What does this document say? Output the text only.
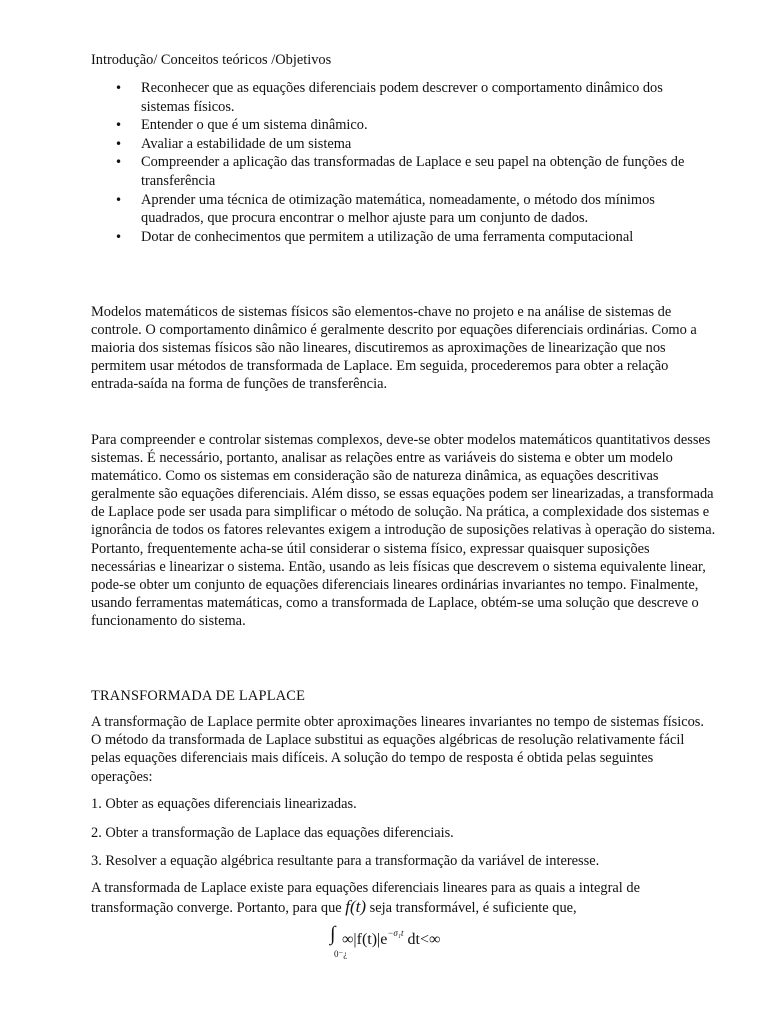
Introdução/ Conceitos teóricos /Objetivos
• Reconhecer que as equações diferenciais podem descrever o comportamento dinâmico dos sistemas físicos.
• Entender o que é um sistema dinâmico.
• Avaliar a estabilidade de um sistema
• Compreender a aplicação das transformadas de Laplace e seu papel na obtenção de funções de transferência
• Aprender uma técnica de otimização matemática, nomeadamente, o método dos mínimos quadrados, que procura encontrar o melhor ajuste para um conjunto de dados.
• Dotar de conhecimentos que permitem a utilização de uma ferramenta computacional

Modelos matemáticos de sistemas físicos são elementos-chave no projeto e na análise de sistemas de controle. O comportamento dinâmico é geralmente descrito por equações diferenciais ordinárias. Como a maioria dos sistemas físicos são não lineares, discutiremos as aproximações de linearização que nos permitem usar métodos de transformada de Laplace. Em seguida, procederemos para obter a relação entrada-saída na forma de funções de transferência.

Para compreender e controlar sistemas complexos, deve-se obter modelos matemáticos quantitativos desses sistemas. É necessário, portanto, analisar as relações entre as variáveis do sistema e obter um modelo matemático. Como os sistemas em consideração são de natureza dinâmica, as equações descritivas geralmente são equações diferenciais. Além disso, se essas equações podem ser linearizadas, a transformada de Laplace pode ser usada para simplificar o método de solução. Na prática, a complexidade dos sistemas e ignorância de todos os fatores relevantes exigem a introdução de suposições relativas à operação do sistema. Portanto, frequentemente acha-se útil considerar o sistema físico, expressar quaisquer suposições necessárias e linearizar o sistema. Então, usando as leis físicas que descrevem o sistema equivalente linear, pode-se obter um conjunto de equações diferenciais lineares ordinárias invariantes no tempo. Finalmente, usando ferramentas matemáticas, como a transformada de Laplace, obtém-se uma solução que descreve o funcionamento do sistema.

TRANSFORMADA DE LAPLACE

A transformação de Laplace permite obter aproximações lineares invariantes no tempo de sistemas físicos. O método da transformada de Laplace substitui as equações algébricas de resolução relativamente fácil pelas equações diferenciais mais difíceis. A solução do tempo de resposta é obtida pelas seguintes operações:

1. Obter as equações diferenciais linearizadas.
2. Obter a transformação de Laplace das equações diferenciais.
3. Resolver a equação algébrica resultante para a transformação da variável de interesse.

A transformada de Laplace existe para equações diferenciais lineares para as quais a integral de transformação converge. Portanto, para que f(t) seja transformável, é suficiente que,

∫
0⁻¿
$\infty|f(t)|e^{-\sigma_1t}$ dt<∞
